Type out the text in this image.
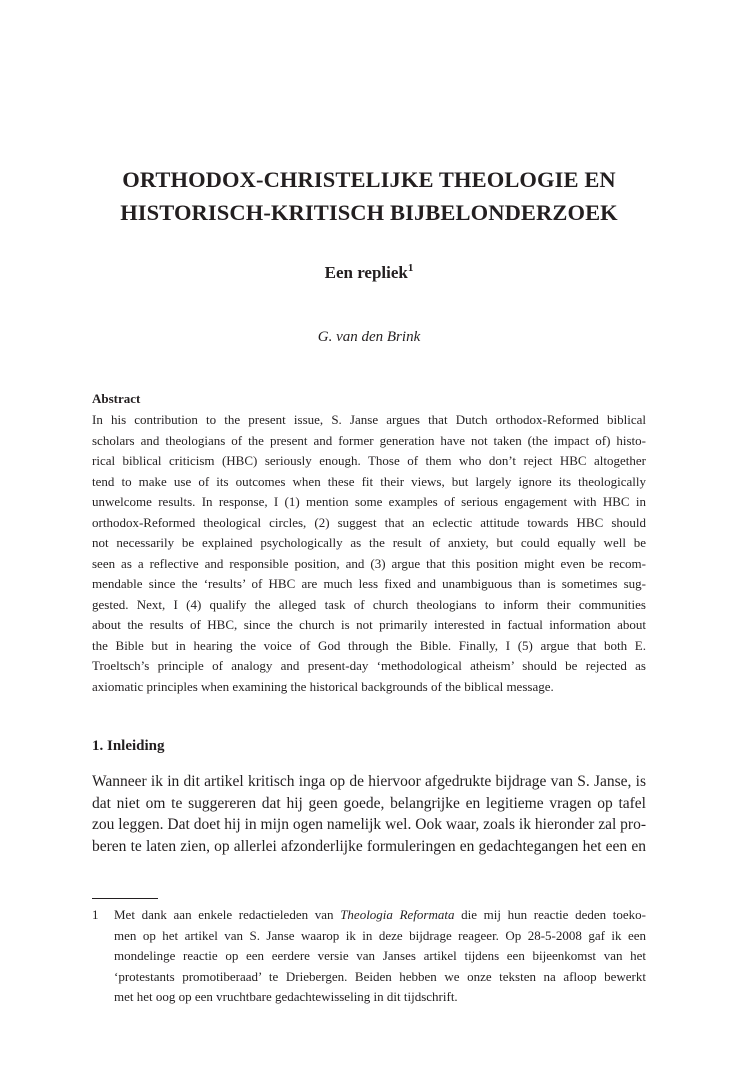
ORTHODOX-CHRISTELIJKE THEOLOGIE EN
HISTORISCH-KRITISCH BIJBELONDERZOEK
Een repliek$^1$
G. van den Brink
Abstract
In his contribution to the present issue, S. Janse argues that Dutch orthodox-Reformed biblical
scholars and theologians of the present and former generation have not taken (the impact of) histo-
rical biblical criticism (HBC) seriously enough. Those of them who don’t reject HBC altogether
tend to make use of its outcomes when these fit their views, but largely ignore its theologically
unwelcome results. In response, I (1) mention some examples of serious engagement with HBC in
orthodox-Reformed theological circles, (2) suggest that an eclectic attitude towards HBC should
not necessarily be explained psychologically as the result of anxiety, but could equally well be
seen as a reflective and responsible position, and (3) argue that this position might even be recom-
mendable since the ‘results’ of HBC are much less fixed and unambiguous than is sometimes sug-
gested. Next, I (4) qualify the alleged task of church theologians to inform their communities
about the results of HBC, since the church is not primarily interested in factual information about
the Bible but in hearing the voice of God through the Bible. Finally, I (5) argue that both E.
Troeltsch’s principle of analogy and present-day ‘methodological atheism’ should be rejected as
axiomatic principles when examining the historical backgrounds of the biblical message.
1. Inleiding
Wanneer ik in dit artikel kritisch inga op de hiervoor afgedrukte bijdrage van S. Janse, is
dat niet om te suggereren dat hij geen goede, belangrijke en legitieme vragen op tafel
zou leggen. Dat doet hij in mijn ogen namelijk wel. Ook waar, zoals ik hieronder zal pro-
beren te laten zien, op allerlei afzonderlijke formuleringen en gedachtegangen het een en
1 Met dank aan enkele redactieleden van Theologia Reformata die mij hun reactie deden toeko-
men op het artikel van S. Janse waarop ik in deze bijdrage reageer. Op 28-5-2008 gaf ik een
mondelinge reactie op een eerdere versie van Janses artikel tijdens een bijeenkomst van het
‘protestants promotiberaad’ te Driebergen. Beiden hebben we onze teksten na afloop bewerkt
met het oog op een vruchtbare gedachtewisseling in dit tijdschrift.
